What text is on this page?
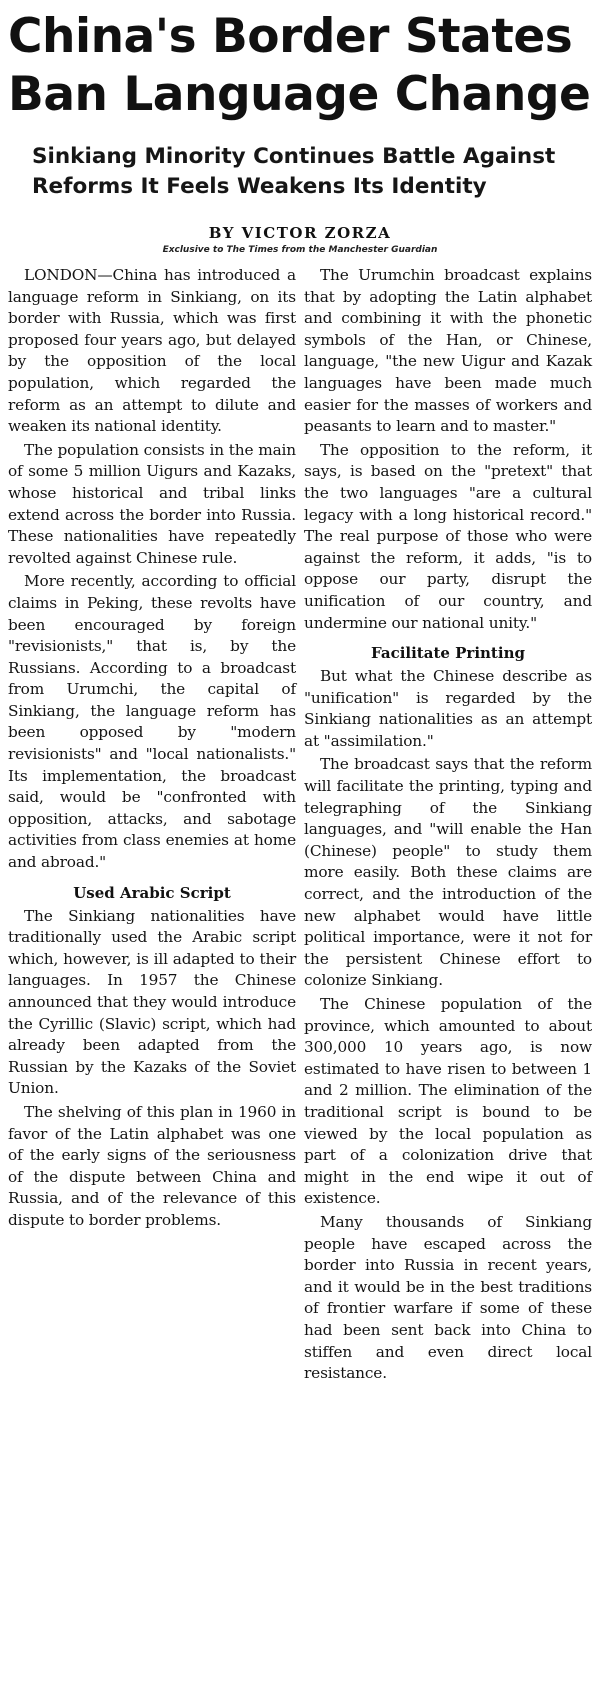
China's Border States
Ban Language Change
Sinkiang Minority Continues Battle Against
Reforms It Feels Weakens Its Identity
BY VICTOR ZORZA
Exclusive to The Times from the Manchester Guardian

LONDON—China has introduced a language reform in Sinkiang, on its border with Russia, which was first proposed four years ago, but delayed by the opposition of the local population, which regarded the reform as an attempt to dilute and weaken its national identity.

The population consists in the main of some 5 million Uigurs and Kazaks, whose historical and tribal links extend across the border into Russia. These nationalities have repeatedly revolted against Chinese rule.

More recently, according to official claims in Peking, these revolts have been encouraged by foreign "revisionists," that is, by the Russians. According to a broadcast from Urumchi, the capital of Sinkiang, the language reform has been opposed by "modern revisionists" and "local nationalists." Its implementation, the broadcast said, would be "confronted with opposition, attacks, and sabotage activities from class enemies at home and abroad."

Used Arabic Script

The Sinkiang nationalities have traditionally used the Arabic script which, however, is ill adapted to their languages. In 1957 the Chinese announced that they would introduce the Cyrillic (Slavic) script, which had already been adapted from the Russian by the Kazaks of the Soviet Union.

The shelving of this plan in 1960 in favor of the Latin alphabet was one of the early signs of the seriousness of the dispute between China and Russia, and of the relevance of this dispute to border problems.

The Urumchin broadcast explains that by adopting the Latin alphabet and combining it with the phonetic symbols of the Han, or Chinese, language, "the new Uigur and Kazak languages have been made much easier for the masses of workers and peasants to learn and to master."

The opposition to the reform, it says, is based on the "pretext" that the two languages "are a cultural legacy with a long historical record." The real purpose of those who were against the reform, it adds, "is to oppose our party, disrupt the unification of our country, and undermine our national unity."

Facilitate Printing

But what the Chinese describe as "unification" is regarded by the Sinkiang nationalities as an attempt at "assimilation."

The broadcast says that the reform will facilitate the printing, typing and telegraphing of the Sinkiang languages, and "will enable the Han (Chinese) people" to study them more easily. Both these claims are correct, and the introduction of the new alphabet would have little political importance, were it not for the persistent Chinese effort to colonize Sinkiang.

The Chinese population of the province, which amounted to about 300,000 10 years ago, is now estimated to have risen to between 1 and 2 million. The elimination of the traditional script is bound to be viewed by the local population as part of a colonization drive that might in the end wipe it out of existence.

Many thousands of Sinkiang people have escaped across the border into Russia in recent years, and it would be in the best traditions of frontier warfare if some of these had been sent back into China to stiffen and even direct local resistance.
